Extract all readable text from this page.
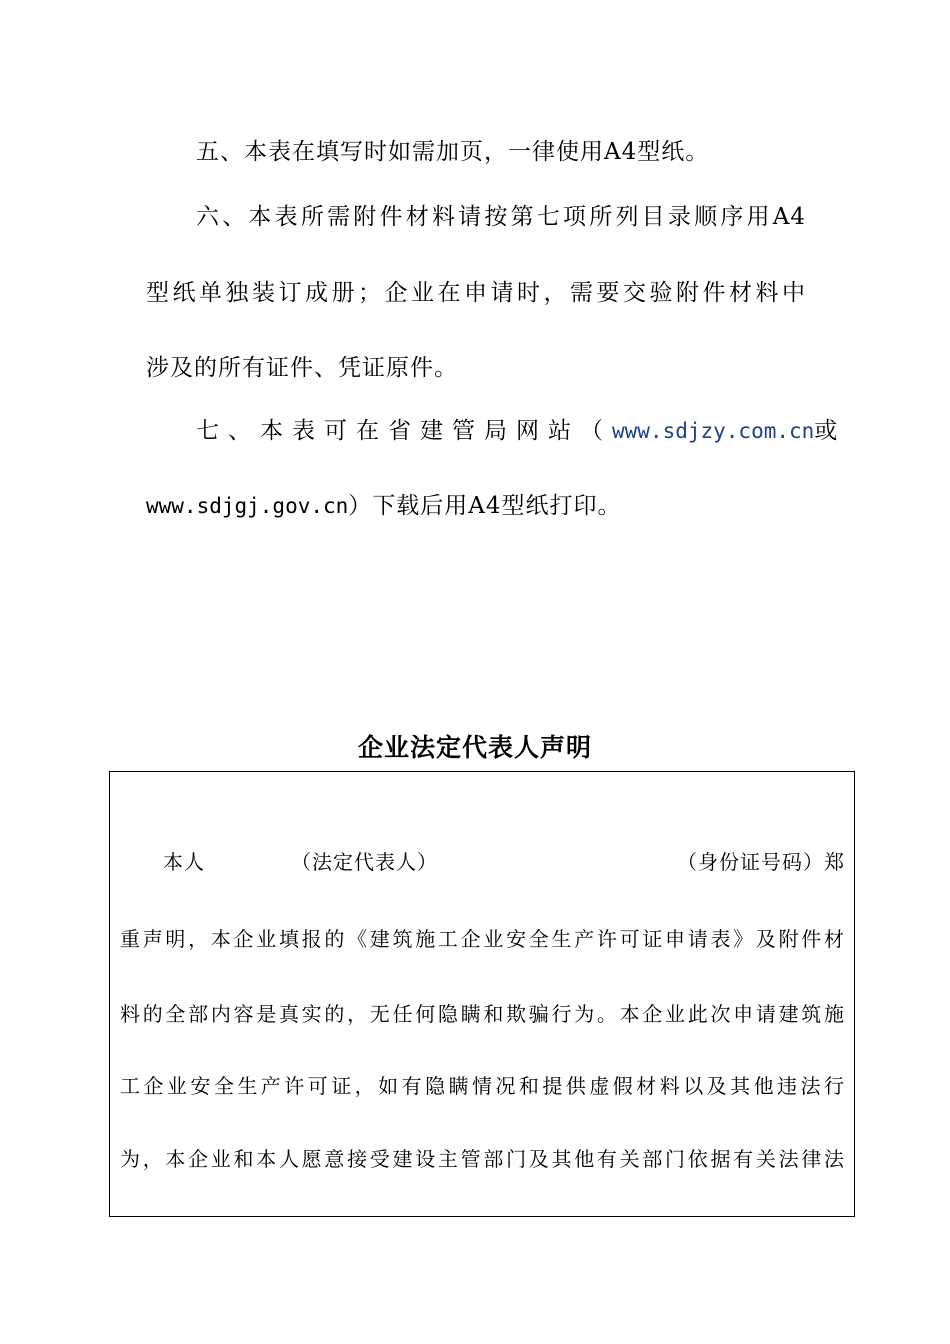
五、本表在填写时如需加页，一律使用A4型纸。
六、本表所需附件材料请按第七项所列目录顺序用A4
型纸单独装订成册；企业在申请时，需要交验附件材料中
涉及的所有证件、凭证原件。
七、本表可在省建管局网站（ www.sdjzy.com.cn 或
www.sdjgj.gov.cn）下载后用A4型纸打印。
企业法定代表人声明
本人	（法定代表人）	（身份证号码）郑
重声明，本企业填报的《建筑施工企业安全生产许可证申请表》及附件材
料的全部内容是真实的，无任何隐瞒和欺骗行为。本企业此次申请建筑施
工企业安全生产许可证，如有隐瞒情况和提供虚假材料以及其他违法行
为，本企业和本人愿意接受建设主管部门及其他有关部门依据有关法律法
